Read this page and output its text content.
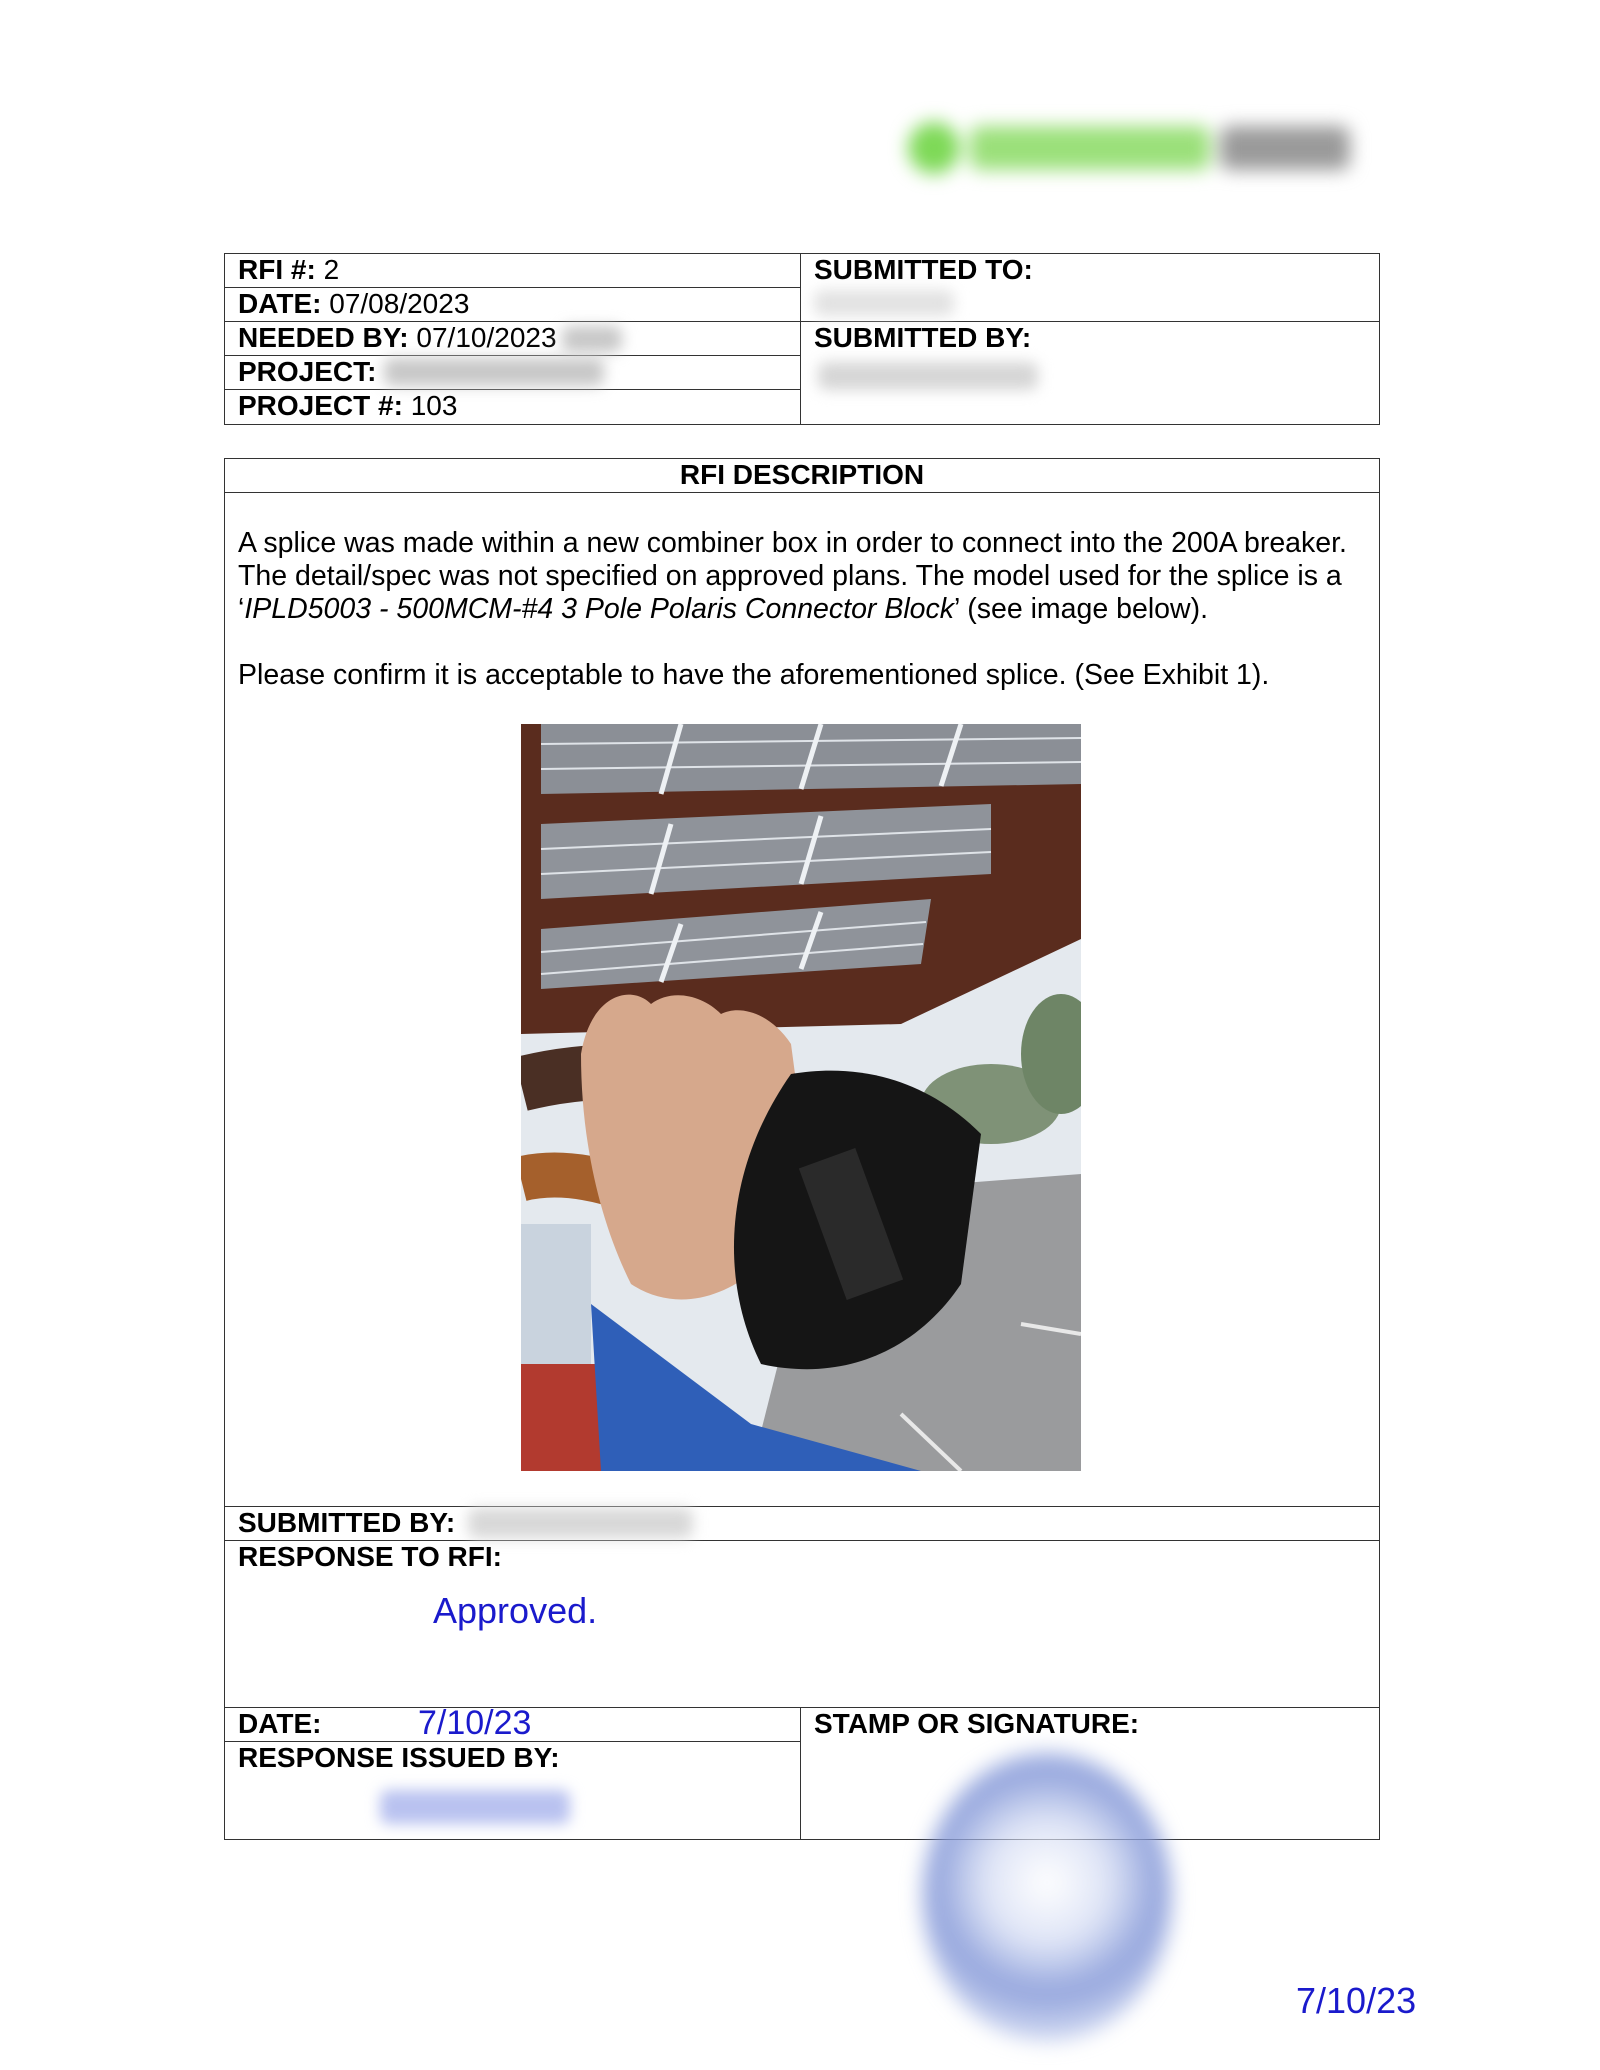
RFI #: 2
DATE: 07/08/2023
NEEDED BY: 07/10/2023
PROJECT:
PROJECT #: 103
SUBMITTED TO:
SUBMITTED BY:
RFI DESCRIPTION
A splice was made within a new combiner box in order to connect into the 200A breaker.
The detail/spec was not specified on approved plans. The model used for the splice is a
‘IPLD5003 - 500MCM-#4 3 Pole Polaris Connector Block’ (see image below).
Please confirm it is acceptable to have the aforementioned splice. (See Exhibit 1).
SUBMITTED BY:
RESPONSE TO RFI:
Approved.
DATE:	7/10/23
RESPONSE ISSUED BY:
STAMP OR SIGNATURE:
7/10/23
